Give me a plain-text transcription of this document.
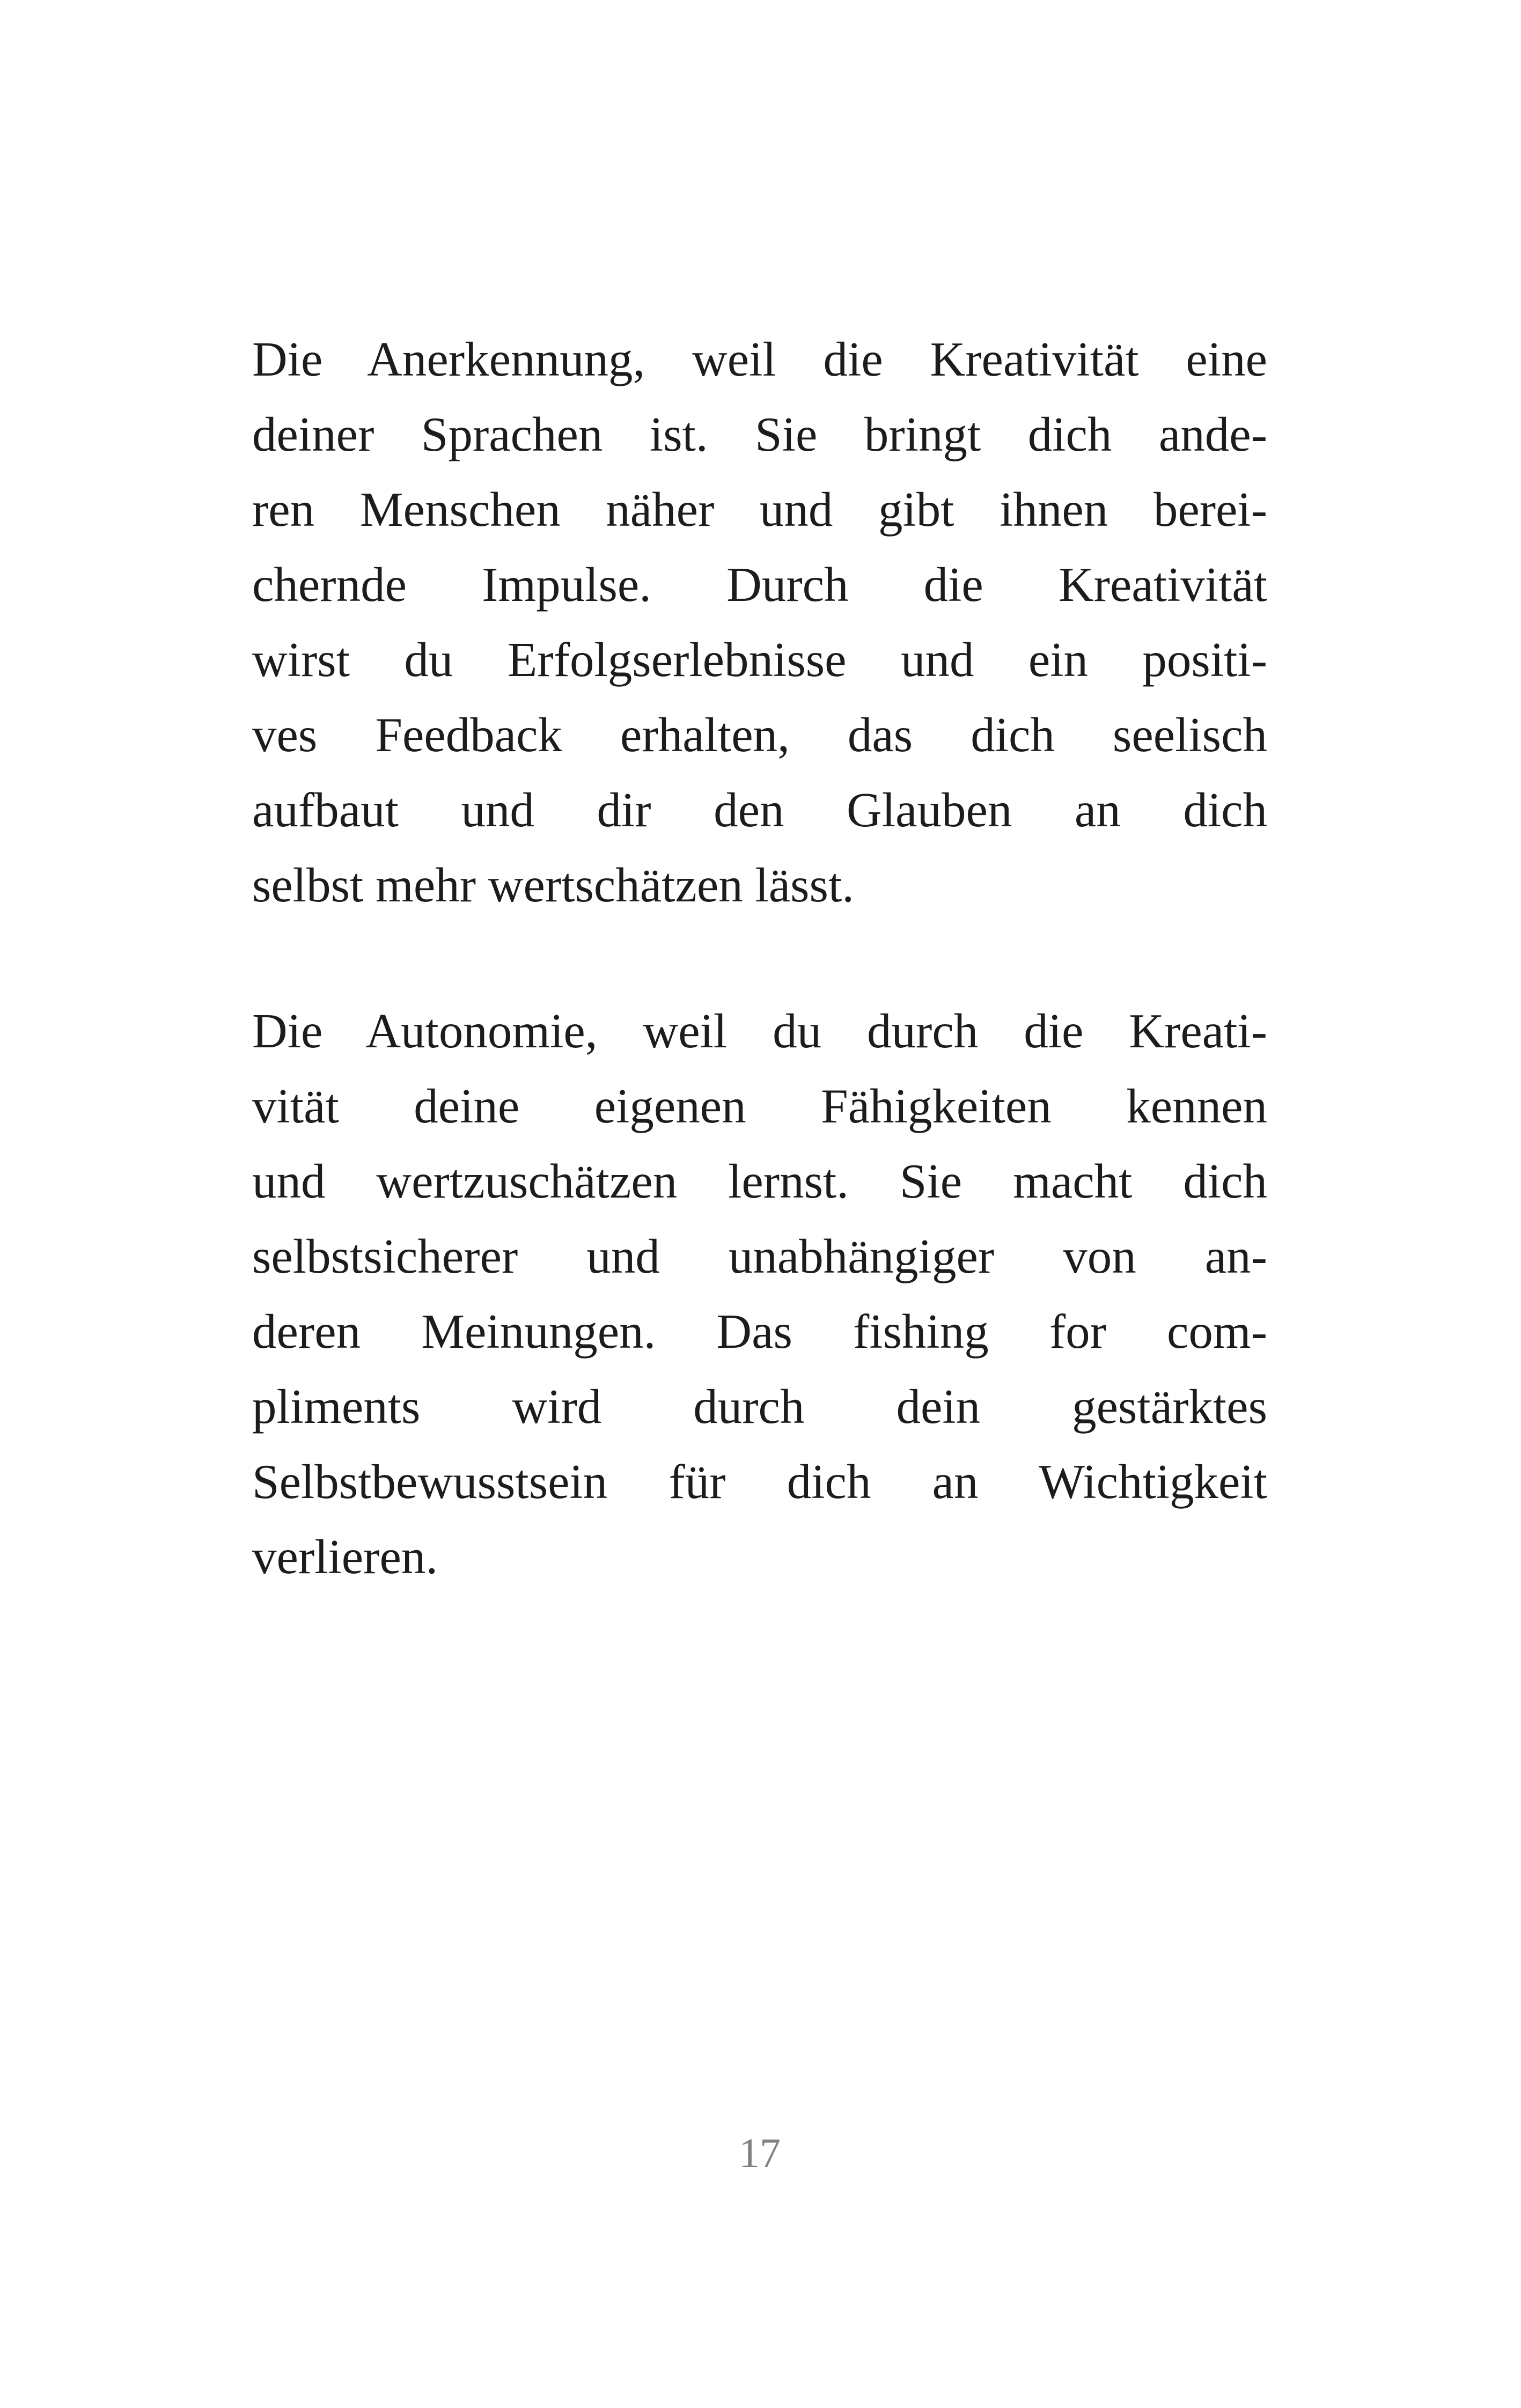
Die Anerkennung, weil die Kreativität eine
deiner Sprachen ist. Sie bringt dich ande-
ren Menschen näher und gibt ihnen berei-
chernde Impulse. Durch die Kreativität
wirst du Erfolgserlebnisse und ein positi-
ves Feedback erhalten, das dich seelisch
aufbaut und dir den Glauben an dich
selbst mehr wertschätzen lässt.
Die Autonomie, weil du durch die Kreati-
vität deine eigenen Fähigkeiten kennen
und wertzuschätzen lernst. Sie macht dich
selbstsicherer und unabhängiger von an-
deren Meinungen. Das fishing for com-
pliments wird durch dein gestärktes
Selbstbewusstsein für dich an Wichtigkeit
verlieren.
17
